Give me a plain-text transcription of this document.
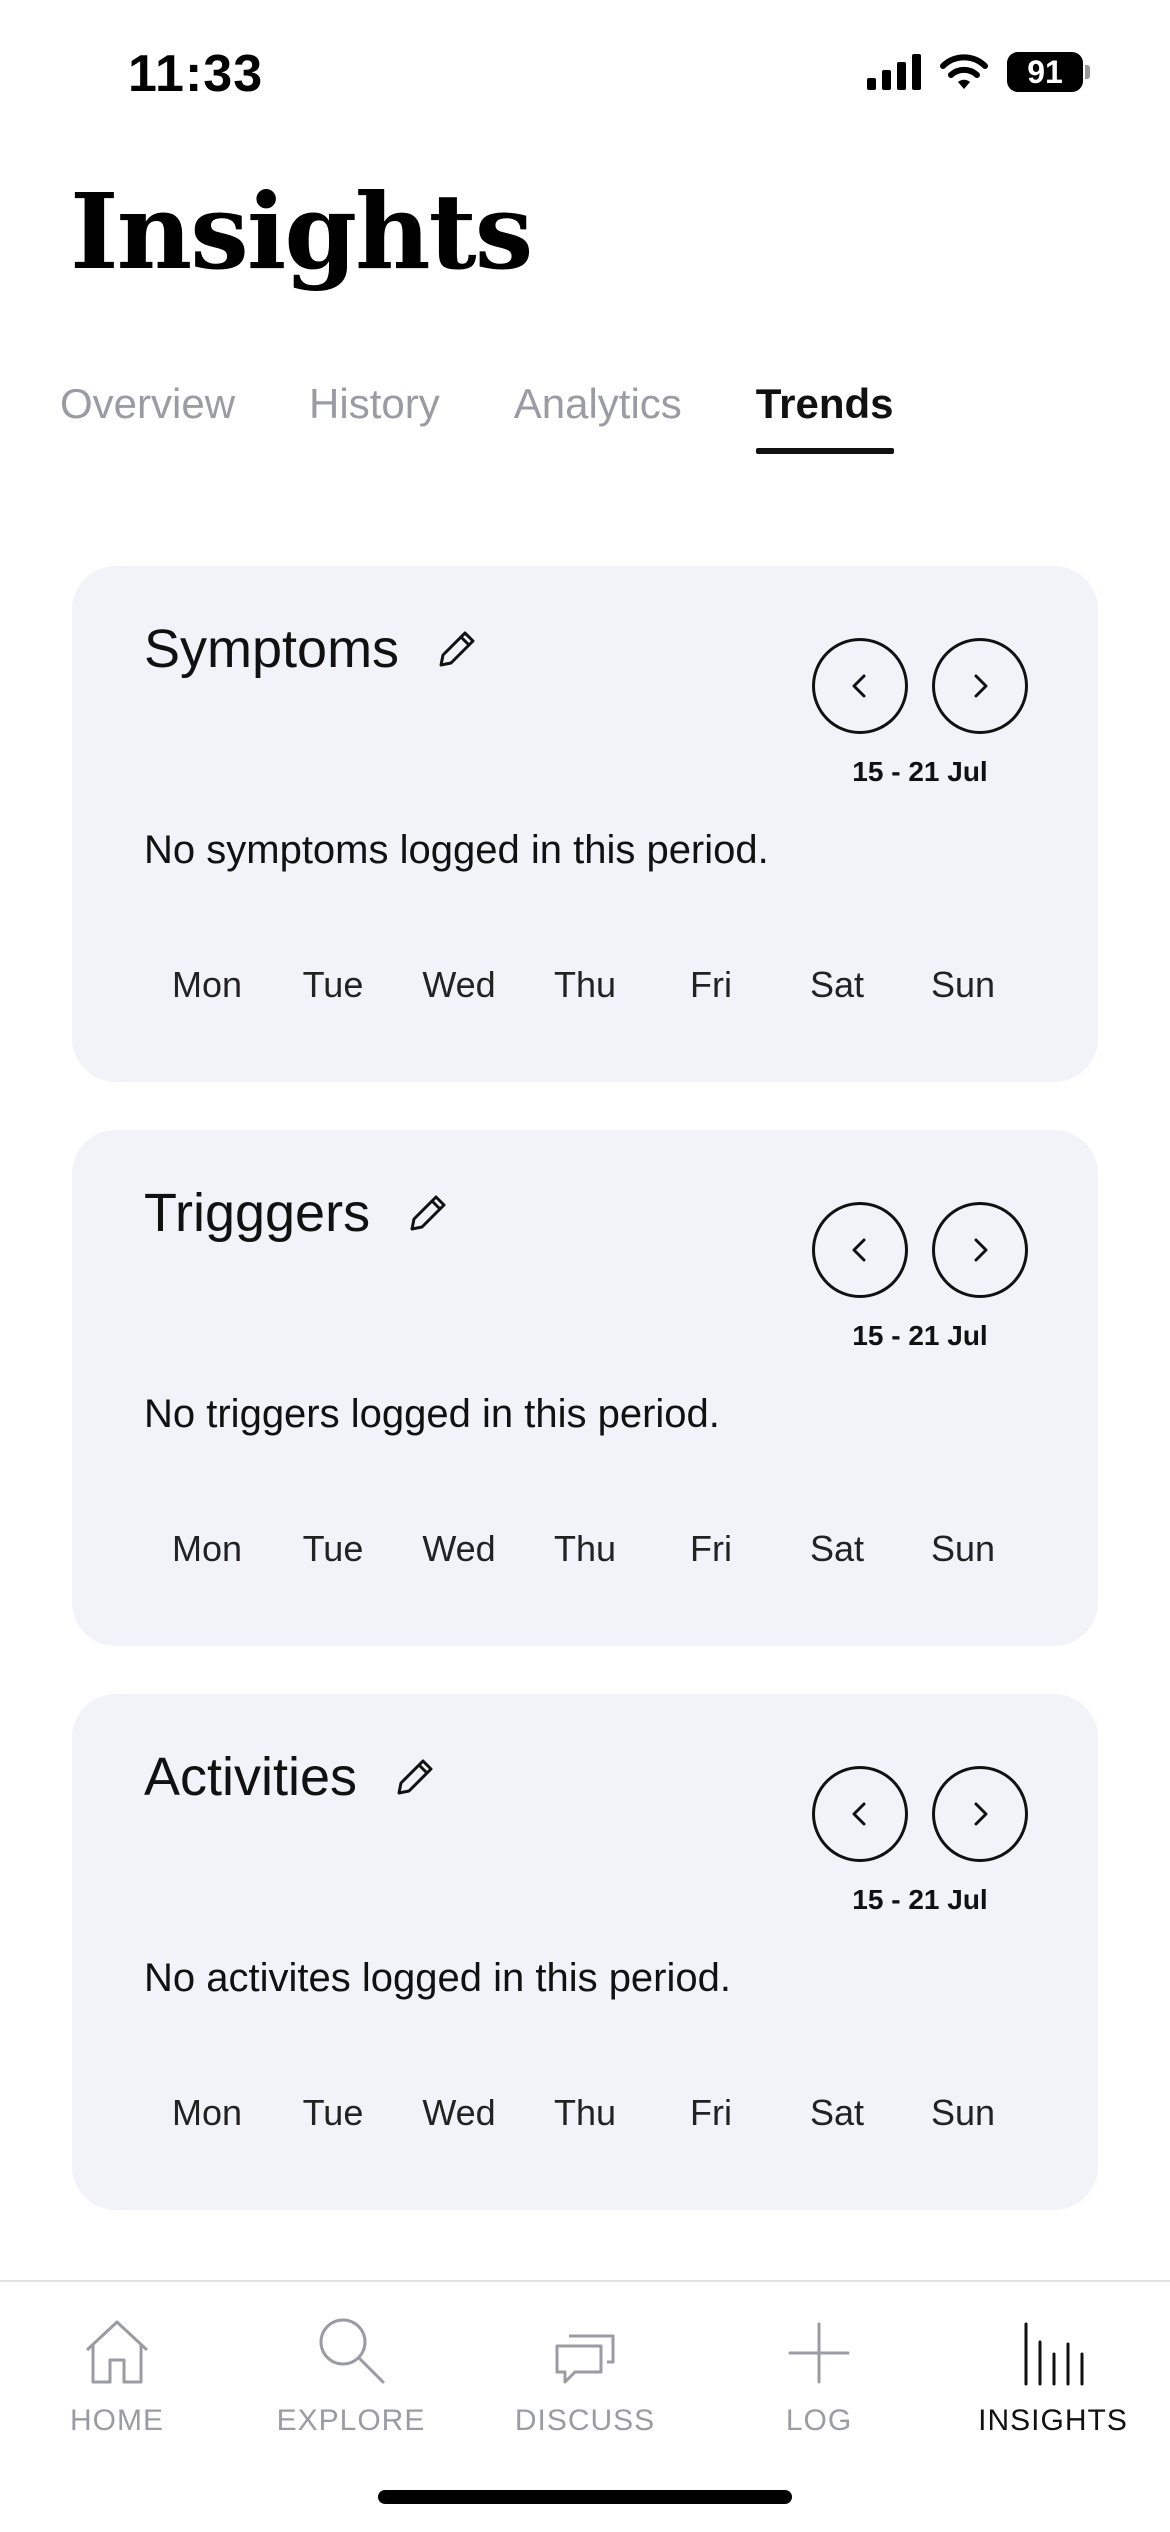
11:33	91
Insights
Overview History Analytics Trends
Symptoms
15 - 21 Jul
No symptoms logged in this period.
Mon	Tue	Wed	Thu	Fri	Sat	Sun
Trigggers
15 - 21 Jul
No triggers logged in this period.
Mon	Tue	Wed	Thu	Fri	Sat	Sun
Activities
15 - 21 Jul
No activites logged in this period.
Mon	Tue	Wed	Thu	Fri	Sat	Sun
HOME	EXPLORE	DISCUSS	LOG	INSIGHTS
